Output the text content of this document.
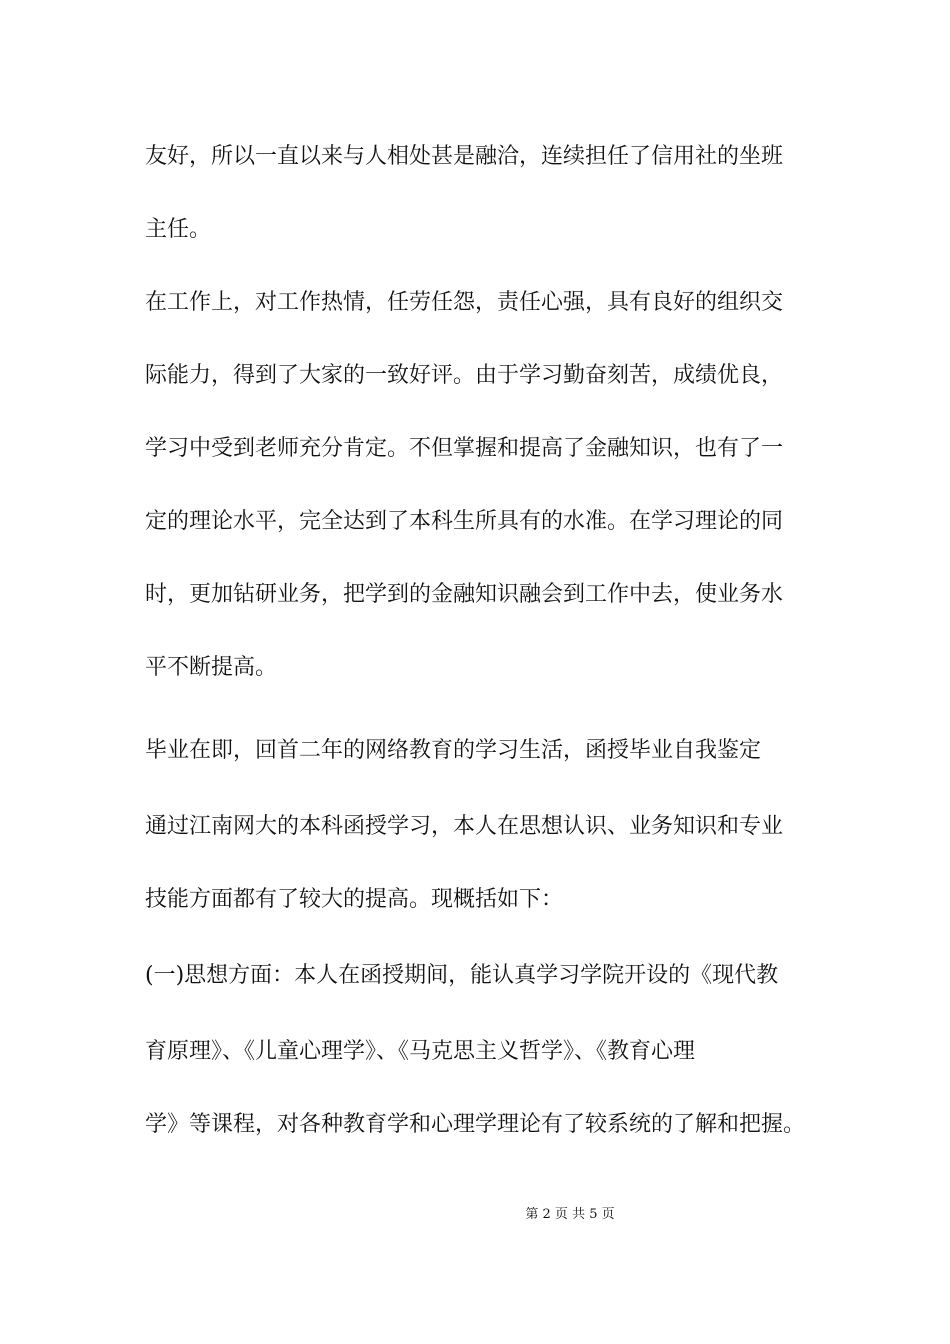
友好，所以一直以来与人相处甚是融洽，连续担任了信用社的坐班
主任。
在工作上，对工作热情，任劳任怨，责任心强，具有良好的组织交
际能力，得到了大家的一致好评。由于学习勤奋刻苦，成绩优良，
学习中受到老师充分肯定。不但掌握和提高了金融知识，也有了一
定的理论水平，完全达到了本科生所具有的水准。在学习理论的同
时，更加钻研业务，把学到的金融知识融会到工作中去，使业务水
平不断提高。
毕业在即，回首二年的网络教育的学习生活，函授毕业自我鉴定
通过江南网大的本科函授学习，本人在思想认识、业务知识和专业
技能方面都有了较大的提高。现概括如下：
(一)思想方面：本人在函授期间，能认真学习学院开设的《现代教
育原理》、《儿童心理学》、《马克思主义哲学》、《教育心理
学》等课程，对各种教育学和心理学理论有了较系统的了解和把握。
第 2 页 共 5 页
